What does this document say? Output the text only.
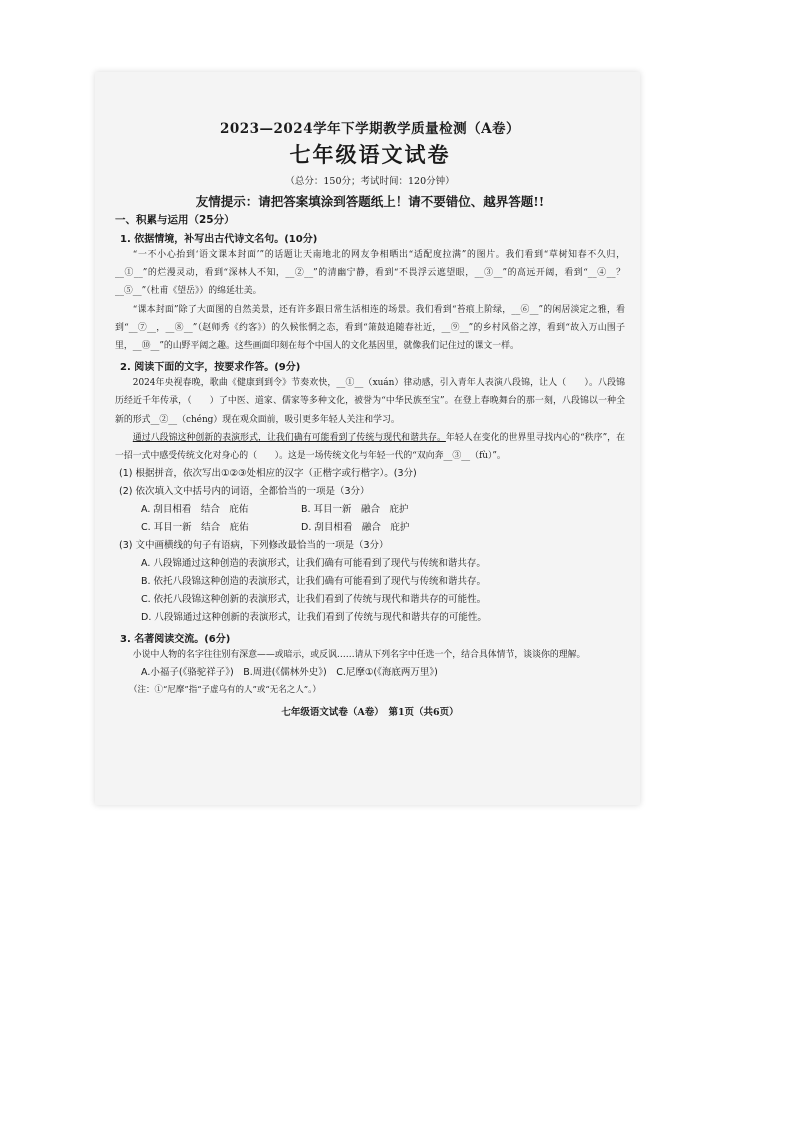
2023—2024学年下学期教学质量检测（A卷）
七年级语文试卷
（总分：150分；考试时间：120分钟）
友情提示：请把答案填涂到答题纸上！请不要错位、越界答题!!
一、积累与运用（25分）
1. 依据情境，补写出古代诗文名句。(10分)

“一不小心抬到‘语文课本封面’”的话题让天南地北的网友争相晒出“适配度拉满”的图片。我们看到“草树知春不久归，__①__”的烂漫灵动，看到“深林人不知，__②__”的清幽宁静，看到“不畏浮云遮望眼，__③__”的高远开阔，看到“__④__？__⑤__”（杜甫《望岳》）的绵延壮美。

“课本封面”除了大面图的自然美景，还有许多跟日常生活相连的场景。我们看到“苔痕上阶绿，__⑥__”的闲居淡定之雅，看到“__⑦__，__⑧__”（赵师秀《约客》）的久候怅惘之态，看到“箫鼓追随春社近，__⑨__”的乡村风俗之淳，看到“故入万山围子里，__⑩__”的山野平阔之趣。这些画面印刻在每个中国人的文化基因里，就像我们记住过的课文一样。

2. 阅读下面的文字，按要求作答。(9分)

2024年央视春晚，歌曲《健康到到令》节奏欢快，__①__（xuán）律动感，引入青年人表演八段锦，让人（　　）。八段锦历经近千年传承，（　　）了中医、道家、儒家等多种文化，被誉为“中华民族至宝”。在登上春晚舞台的那一刻，八段锦以一种全新的形式__②__（chéng）现在观众面前，吸引更多年轻人关注和学习。

通过八段锦这种创新的表演形式，让我们确有可能看到了传统与现代和谐共存。年轻人在变化的世界里寻找内心的“秩序”，在一招一式中感受传统文化对身心的（　　）。这是一场传统文化与年轻一代的“双向奔__③__（fù）”。

(1) 根据拼音，依次写出①②③处相应的汉字（正楷字或行楷字）。(3分)
(2) 依次填入文中括号内的词语，全都恰当的一项是（3分）
A. 刮目相看　结合　庇佑	B. 耳目一新　融合　庇护
C. 耳目一新　结合　庇佑	D. 刮目相看　融合　庇护
(3) 文中画横线的句子有语病，下列修改最恰当的一项是（3分）
A. 八段锦通过这种创造的表演形式，让我们确有可能看到了现代与传统和谐共存。
B. 依托八段锦这种创造的表演形式，让我们确有可能看到了现代与传统和谐共存。
C. 依托八段锦这种创新的表演形式，让我们看到了传统与现代和谐共存的可能性。
D. 八段锦通过这种创新的表演形式，让我们看到了传统与现代和谐共存的可能性。
3. 名著阅读交流。(6分)

小说中人物的名字往往别有深意——或暗示，或反讽……请从下列名字中任选一个，结合具体情节，谈谈你的理解。

A.小福子(《骆驼祥子》)　B.周进(《儒林外史》)　C.尼摩①(《海底两万里》)
（注：①“尼摩”指“子虚乌有的人”或“无名之人”。）
七年级语文试卷（A卷）　第1页（共6页）
